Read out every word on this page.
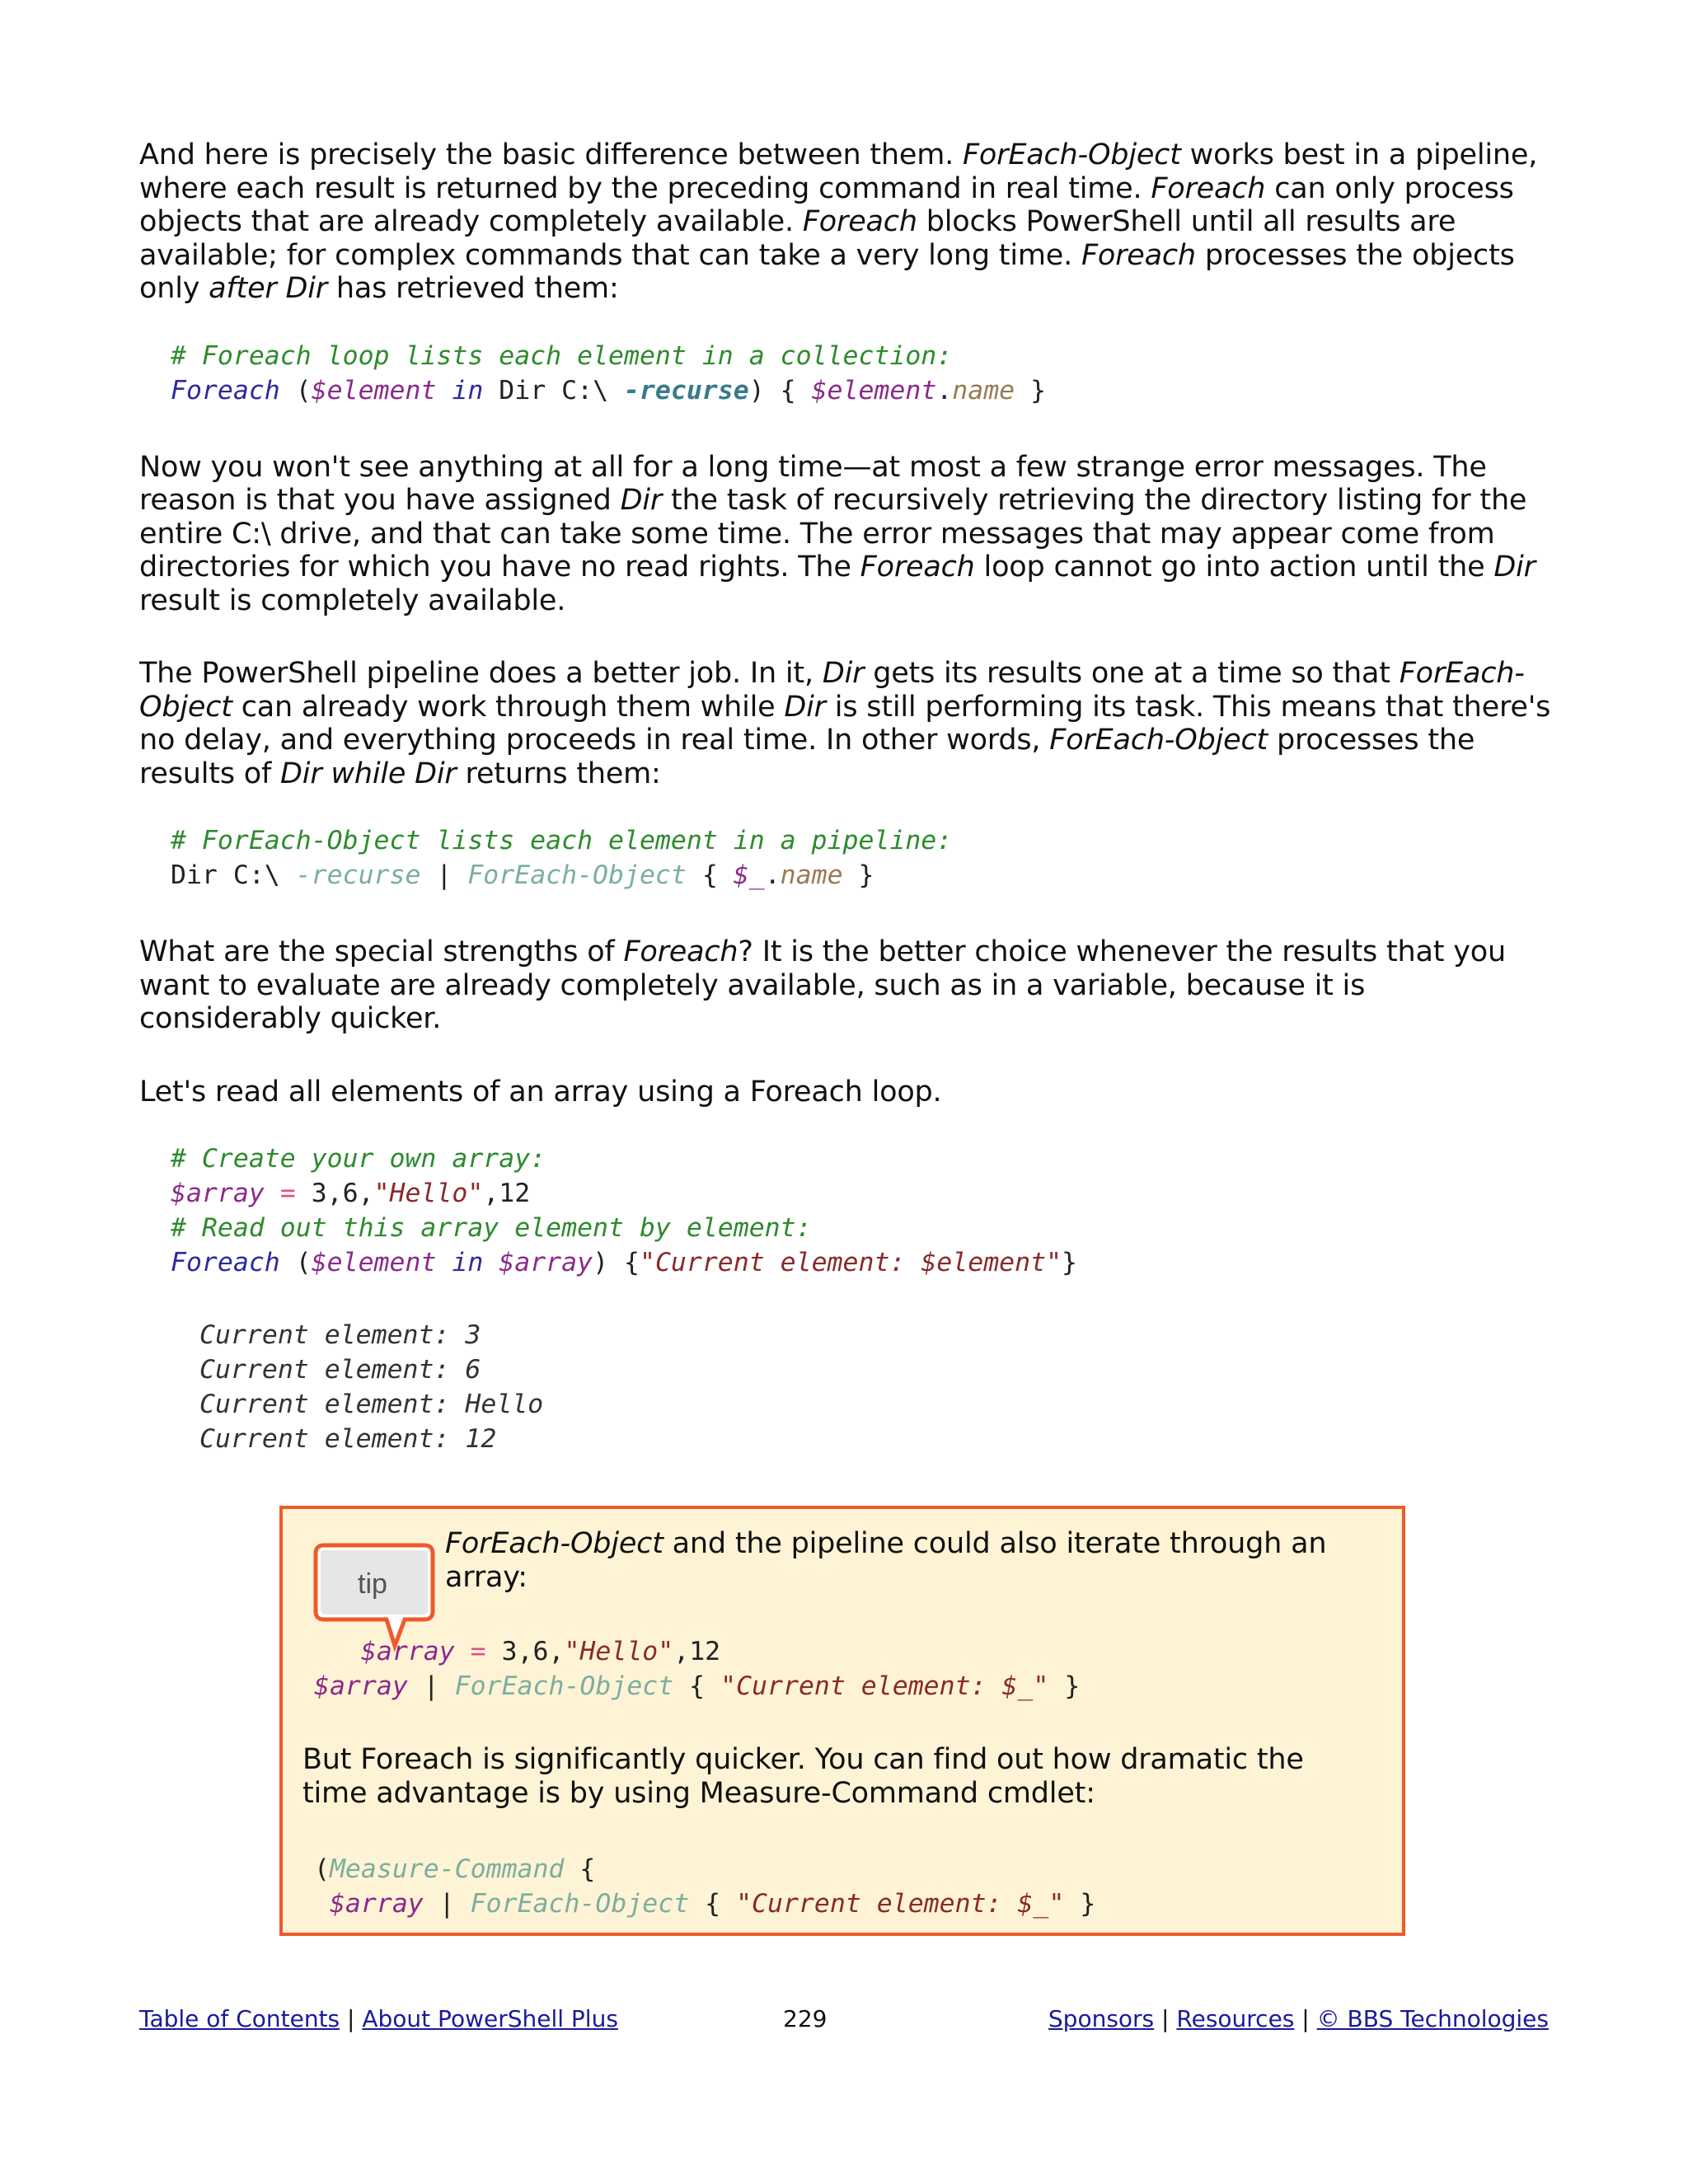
And here is precisely the basic difference between them. ForEach-Object works best in a pipeline, where each result is returned by the preceding command in real time. Foreach can only process objects that are already completely available. Foreach blocks PowerShell until all results are available; for complex commands that can take a very long time. Foreach processes the objects only after Dir has retrieved them:

# Foreach loop lists each element in a collection:
Foreach ($element in Dir C:\ -recurse) { $element.name }

Now you won't see anything at all for a long time—at most a few strange error messages. The reason is that you have assigned Dir the task of recursively retrieving the directory listing for the entire C:\ drive, and that can take some time. The error messages that may appear come from directories for which you have no read rights. The Foreach loop cannot go into action until the Dir result is completely available.

The PowerShell pipeline does a better job. In it, Dir gets its results one at a time so that ForEach-Object can already work through them while Dir is still performing its task. This means that there's no delay, and everything proceeds in real time. In other words, ForEach-Object processes the results of Dir while Dir returns them:

# ForEach-Object lists each element in a pipeline:
Dir C:\ -recurse | ForEach-Object { $_.name }

What are the special strengths of Foreach? It is the better choice whenever the results that you want to evaluate are already completely available, such as in a variable, because it is considerably quicker.

Let's read all elements of an array using a Foreach loop.

# Create your own array:
$array = 3,6,"Hello",12
# Read out this array element by element:
Foreach ($element in $array) {"Current element: $element"}
Current element: 3
Current element: 6
Current element: Hello
Current element: 12
tip

ForEach-Object and the pipeline could also iterate through an array:

$array = 3,6,"Hello",12
$array | ForEach-Object { "Current element: $_" }

But Foreach is significantly quicker. You can find out how dramatic the time advantage is by using Measure-Command cmdlet:

(Measure-Command {
$array | ForEach-Object { "Current element: $_" }
Table of Contents | About PowerShell Plus	229	Sponsors | Resources | © BBS Technologies
